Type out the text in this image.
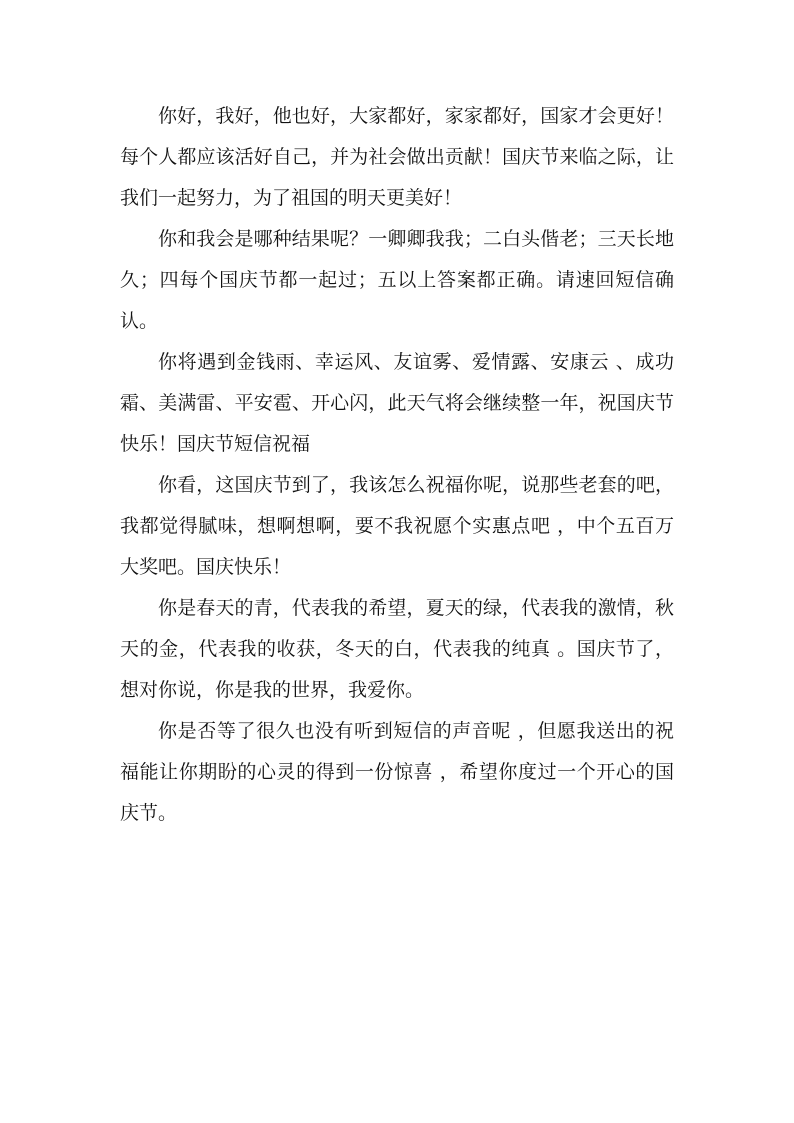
你好，我好，他也好，大家都好，家家都好，国家才会更好！每个人都应该活好自己，并为社会做出贡献！国庆节来临之际，让我们一起努力，为了祖国的明天更美好！

你和我会是哪种结果呢？一卿卿我我；二白头偕老；三天长地久；四每个国庆节都一起过；五以上答案都正确。请速回短信确认。

你将遇到金钱雨、幸运风、友谊雾、爱情露、安康云 、成功霜、美满雷、平安雹、开心闪，此天气将会继续整一年，祝国庆节快乐！国庆节短信祝福

你看，这国庆节到了，我该怎么祝福你呢，说那些老套的吧，我都觉得腻味，想啊想啊，要不我祝愿个实惠点吧 ，中个五百万大奖吧。国庆快乐！

你是春天的青，代表我的希望，夏天的绿，代表我的激情，秋天的金，代表我的收获，冬天的白，代表我的纯真 。国庆节了，想对你说，你是我的世界，我爱你。

你是否等了很久也没有听到短信的声音呢 ，但愿我送出的祝福能让你期盼的心灵的得到一份惊喜 ，希望你度过一个开心的国庆节。
